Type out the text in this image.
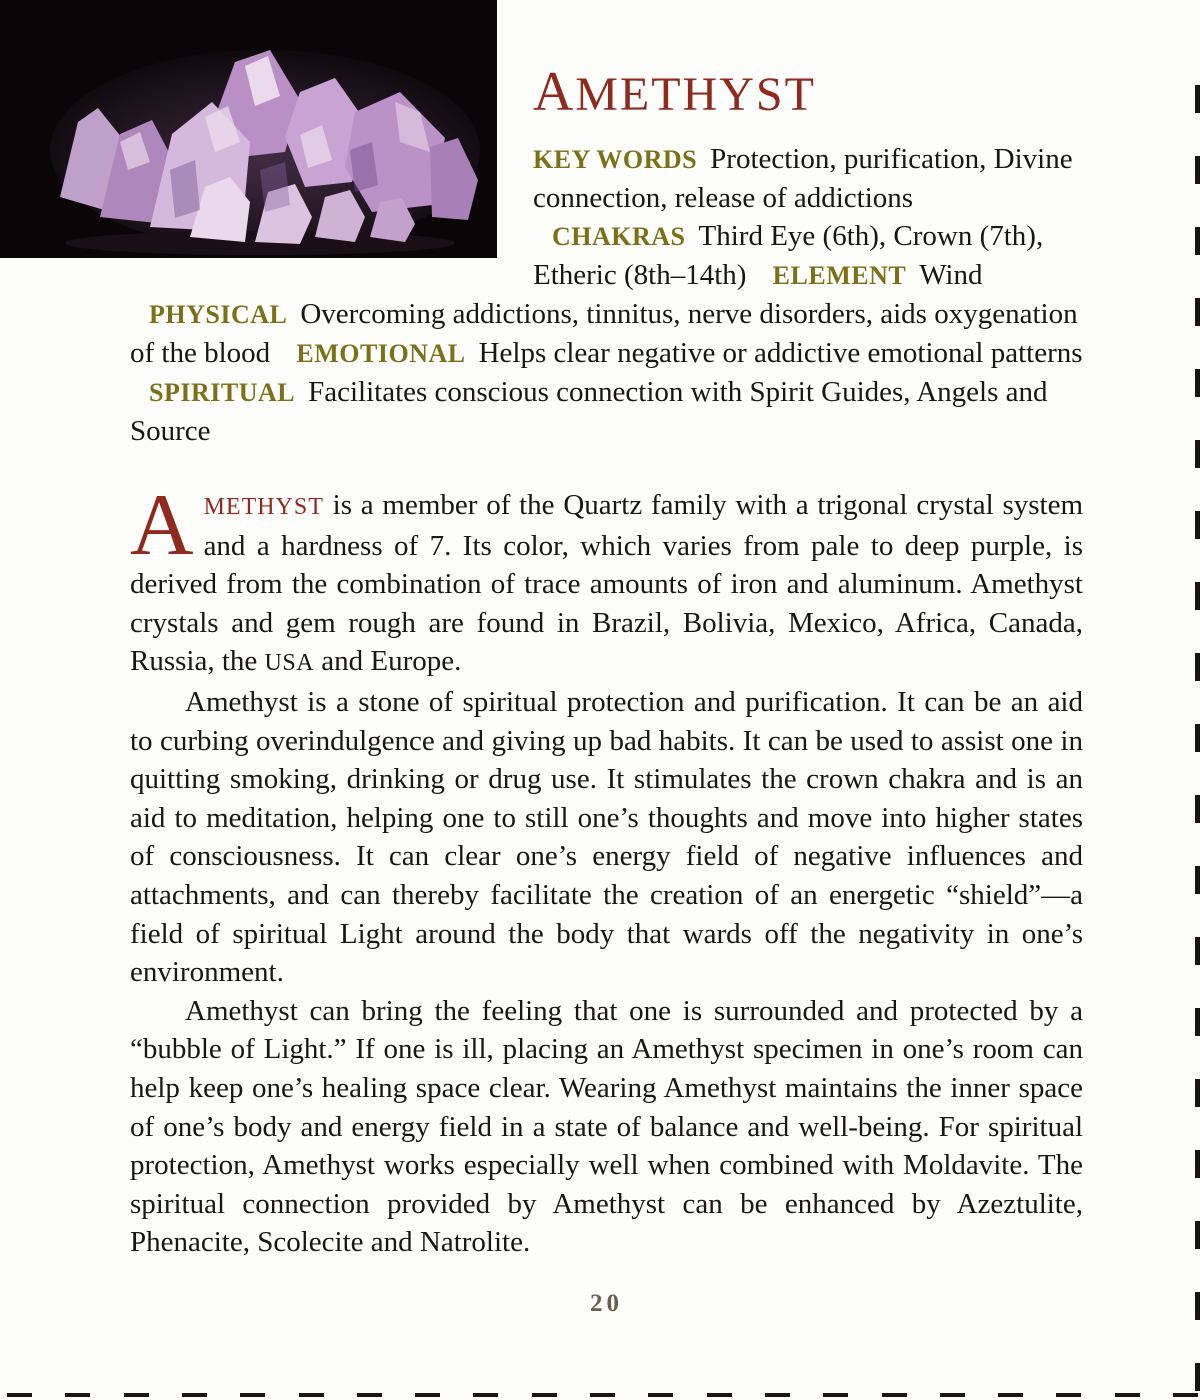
AMETHYST
KEY WORDS Protection, purification, Divine connection, release of addictions CHAKRAS Third Eye (6th), Crown (7th), Etheric (8th–14th) ELEMENT Wind PHYSICAL Overcoming addictions, tinnitus, nerve disorders, aids oxygenation of the blood EMOTIONAL Helps clear negative or addictive emotional patterns SPIRITUAL Facilitates conscious connection with Spirit Guides, Angels and Source

AMETHYST is a member of the Quartz family with a trigonal crystal system and a hardness of 7. Its color, which varies from pale to deep purple, is derived from the combination of trace amounts of iron and aluminum. Amethyst crystals and gem rough are found in Brazil, Bolivia, Mexico, Africa, Canada, Russia, the USA and Europe.

Amethyst is a stone of spiritual protection and purification. It can be an aid to curbing overindulgence and giving up bad habits. It can be used to assist one in quitting smoking, drinking or drug use. It stimulates the crown chakra and is an aid to meditation, helping one to still one’s thoughts and move into higher states of consciousness. It can clear one’s energy field of negative influences and attachments, and can thereby facilitate the creation of an energetic “shield”—a field of spiritual Light around the body that wards off the negativity in one’s environment.

Amethyst can bring the feeling that one is surrounded and protected by a “bubble of Light.” If one is ill, placing an Amethyst specimen in one’s room can help keep one’s healing space clear. Wearing Amethyst maintains the inner space of one’s body and energy field in a state of balance and well-being. For spiritual protection, Amethyst works especially well when combined with Moldavite. The spiritual connection provided by Amethyst can be enhanced by Azeztulite, Phenacite, Scolecite and Natrolite.

20
